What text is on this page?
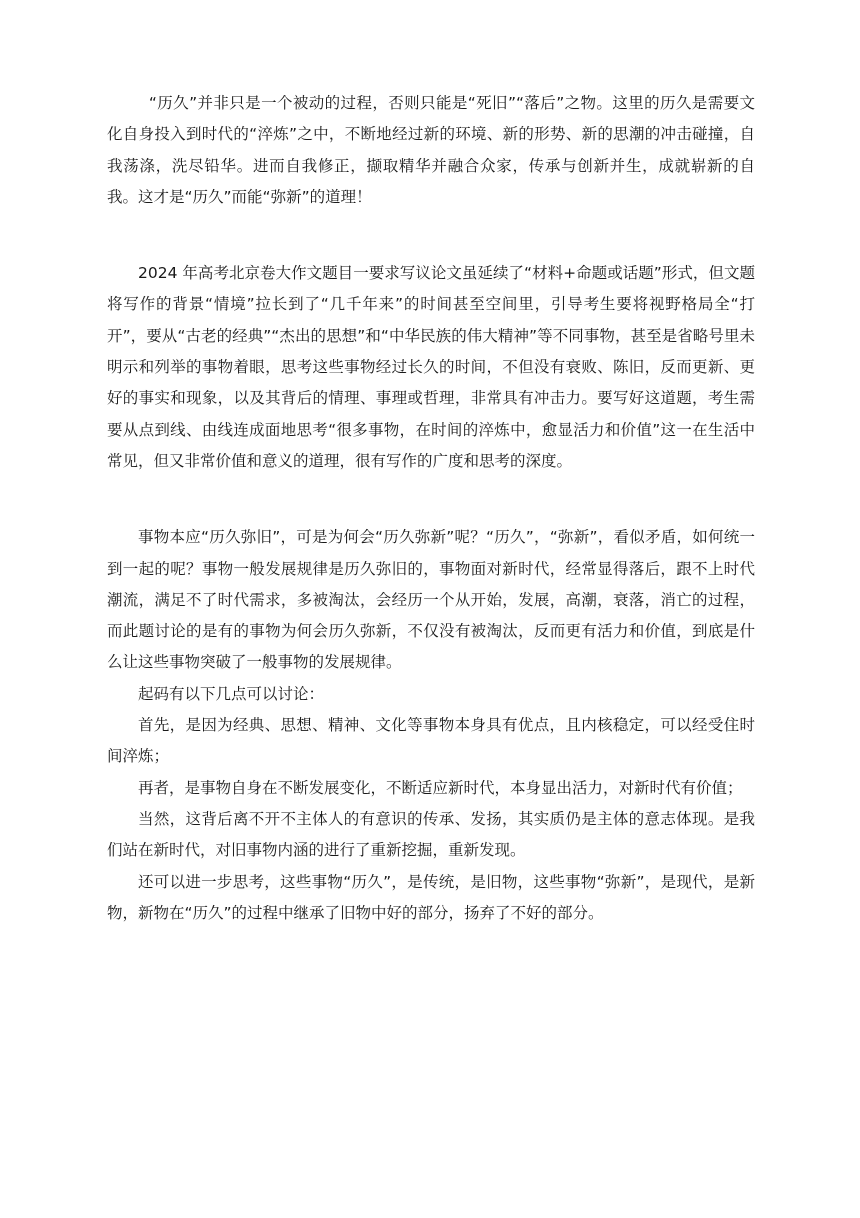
“历久”并非只是一个被动的过程，否则只能是“死旧”“落后”之物。这里的历久是需要文化自身投入到时代的“淬炼”之中，不断地经过新的环境、新的形势、新的思潮的冲击碰撞，自我荡涤，洗尽铅华。进而自我修正，撷取精华并融合众家，传承与创新并生，成就崭新的自我。这才是“历久”而能“弥新”的道理！

2024 年高考北京卷大作文题目一要求写议论文虽延续了“材料+命题或话题”形式，但文题将写作的背景“情境”拉长到了“几千年来”的时间甚至空间里，引导考生要将视野格局全“打开”，要从“古老的经典”“杰出的思想”和“中华民族的伟大精神”等不同事物，甚至是省略号里未明示和列举的事物着眼，思考这些事物经过长久的时间，不但没有衰败、陈旧，反而更新、更好的事实和现象，以及其背后的情理、事理或哲理，非常具有冲击力。要写好这道题，考生需要从点到线、由线连成面地思考“很多事物，在时间的淬炼中，愈显活力和价值”这一在生活中常见，但又非常价值和意义的道理，很有写作的广度和思考的深度。

事物本应“历久弥旧”，可是为何会“历久弥新”呢？“历久”，“弥新”，看似矛盾，如何统一到一起的呢？事物一般发展规律是历久弥旧的，事物面对新时代，经常显得落后，跟不上时代潮流，满足不了时代需求，多被淘汰，会经历一个从开始，发展，高潮，衰落，消亡的过程，而此题讨论的是有的事物为何会历久弥新，不仅没有被淘汰，反而更有活力和价值，到底是什么让这些事物突破了一般事物的发展规律。

起码有以下几点可以讨论：

首先，是因为经典、思想、精神、文化等事物本身具有优点，且内核稳定，可以经受住时间淬炼；

再者，是事物自身在不断发展变化，不断适应新时代，本身显出活力，对新时代有价值；

当然，这背后离不开不主体人的有意识的传承、发扬，其实质仍是主体的意志体现。是我们站在新时代，对旧事物内涵的进行了重新挖掘，重新发现。

还可以进一步思考，这些事物“历久”，是传统，是旧物，这些事物“弥新”，是现代，是新物，新物在“历久”的过程中继承了旧物中好的部分，扬弃了不好的部分。
